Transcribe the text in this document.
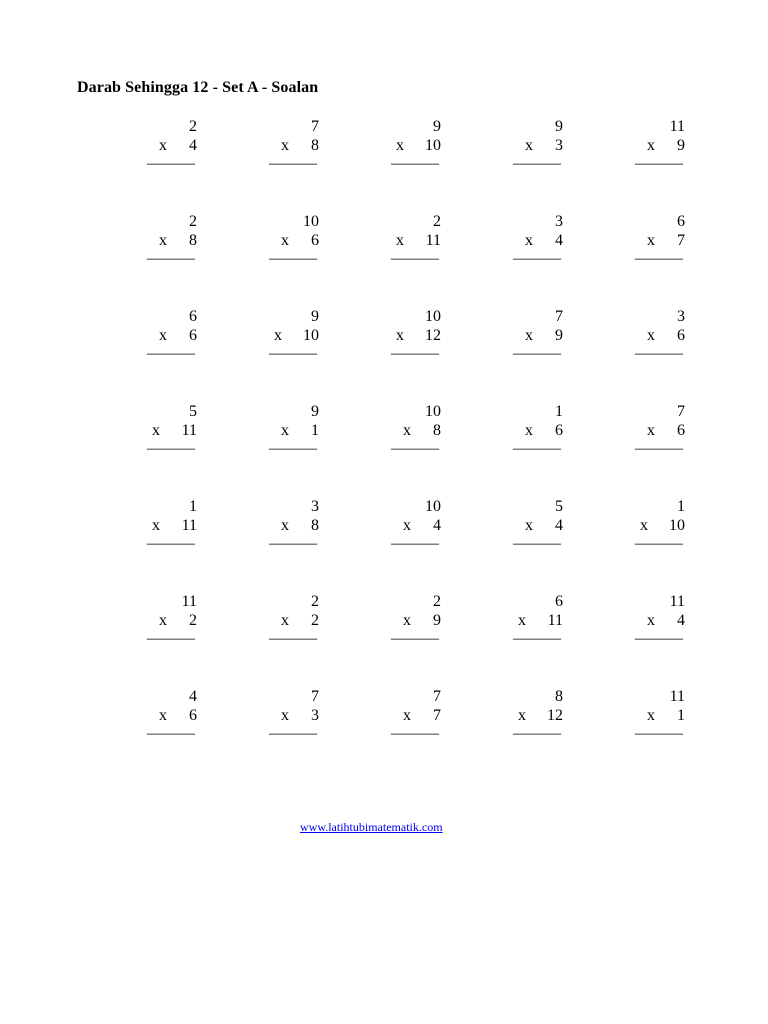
Darab Sehingga 12 - Set A - Soalan
2
x 4
———
7
x 8
———
9
x 10
———
9
x 3
———
11
x 9
———
2
x 8
———
10
x 6
———
2
x 11
———
3
x 4
———
6
x 7
———
6
x 6
———
9
x 10
———
10
x 12
———
7
x 9
———
3
x 6
———
5
x 11
———
9
x 1
———
10
x 8
———
1
x 6
———
7
x 6
———
1
x 11
———
3
x 8
———
10
x 4
———
5
x 4
———
1
x 10
———
11
x 2
———
2
x 2
———
2
x 9
———
6
x 11
———
11
x 4
———
4
x 6
———
7
x 3
———
7
x 7
———
8
x 12
———
11
x 1
———
www.latihtubimatematik.com
